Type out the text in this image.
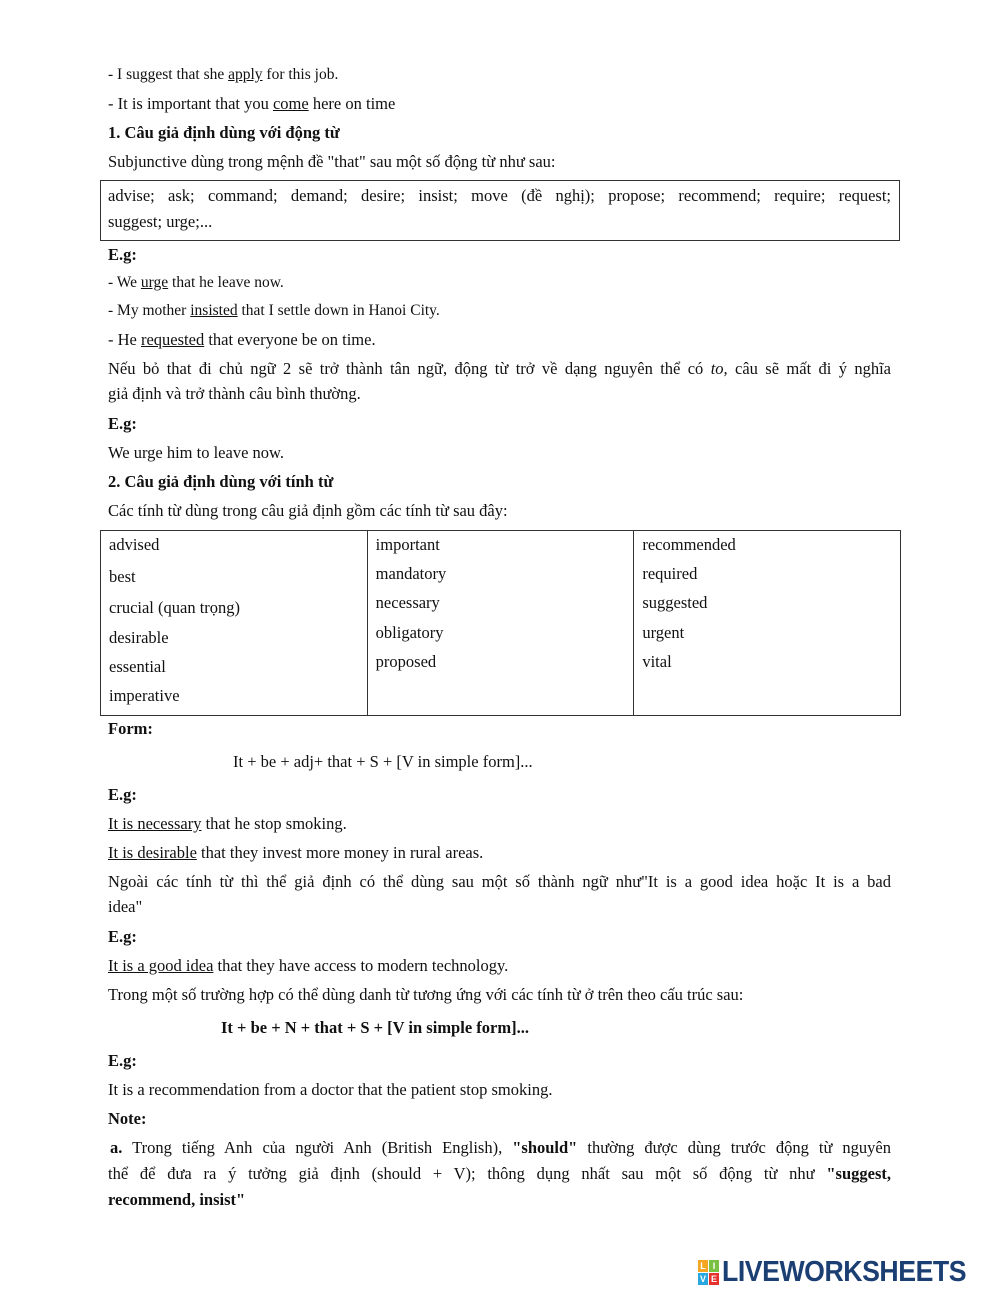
- I suggest that she apply for this job.
- It is important that you come here on time
1. Câu giả định dùng với động từ
Subjunctive dùng trong mệnh đề "that" sau một số động từ như sau:
advise; ask; command; demand; desire; insist; move (đề nghị); propose; recommend; require; request;
suggest; urge;...
E.g:
- We urge that he leave now.
- My mother insisted that I settle down in Hanoi City.
- He requested that everyone be on time.
Nếu bỏ that đi chủ ngữ 2 sẽ trở thành tân ngữ, động từ trở về dạng nguyên thể có to, câu sẽ mất đi ý nghĩa
giả định và trở thành câu bình thường.
E.g:
We urge him to leave now.
2. Câu giả định dùng với tính từ
Các tính từ dùng trong câu giả định gồm các tính từ sau đây:
advised
best
crucial (quan trọng)
desirable
essential
imperative
important
mandatory
necessary
obligatory
proposed
recommended
required
suggested
urgent
vital
Form:
It + be + adj+ that + S + [V in simple form]...
E.g:
It is necessary that he stop smoking.
It is desirable that they invest more money in rural areas.
Ngoài các tính từ thì thể giả định có thể dùng sau một số thành ngữ như"It is a good idea hoặc It is a bad
idea"
E.g:
It is a good idea that they have access to modern technology.
Trong một số trường hợp có thể dùng danh từ tương ứng với các tính từ ở trên theo cấu trúc sau:
It + be + N + that + S + [V in simple form]...
E.g:
It is a recommendation from a doctor that the patient stop smoking.
Note:
a. Trong tiếng Anh của người Anh (British English), "should" thường được dùng trước động từ nguyên
thể để đưa ra ý tưởng giả định (should + V); thông dụng nhất sau một số động từ như "suggest,
recommend, insist"
L I
V E LIVEWORKSHEETS
